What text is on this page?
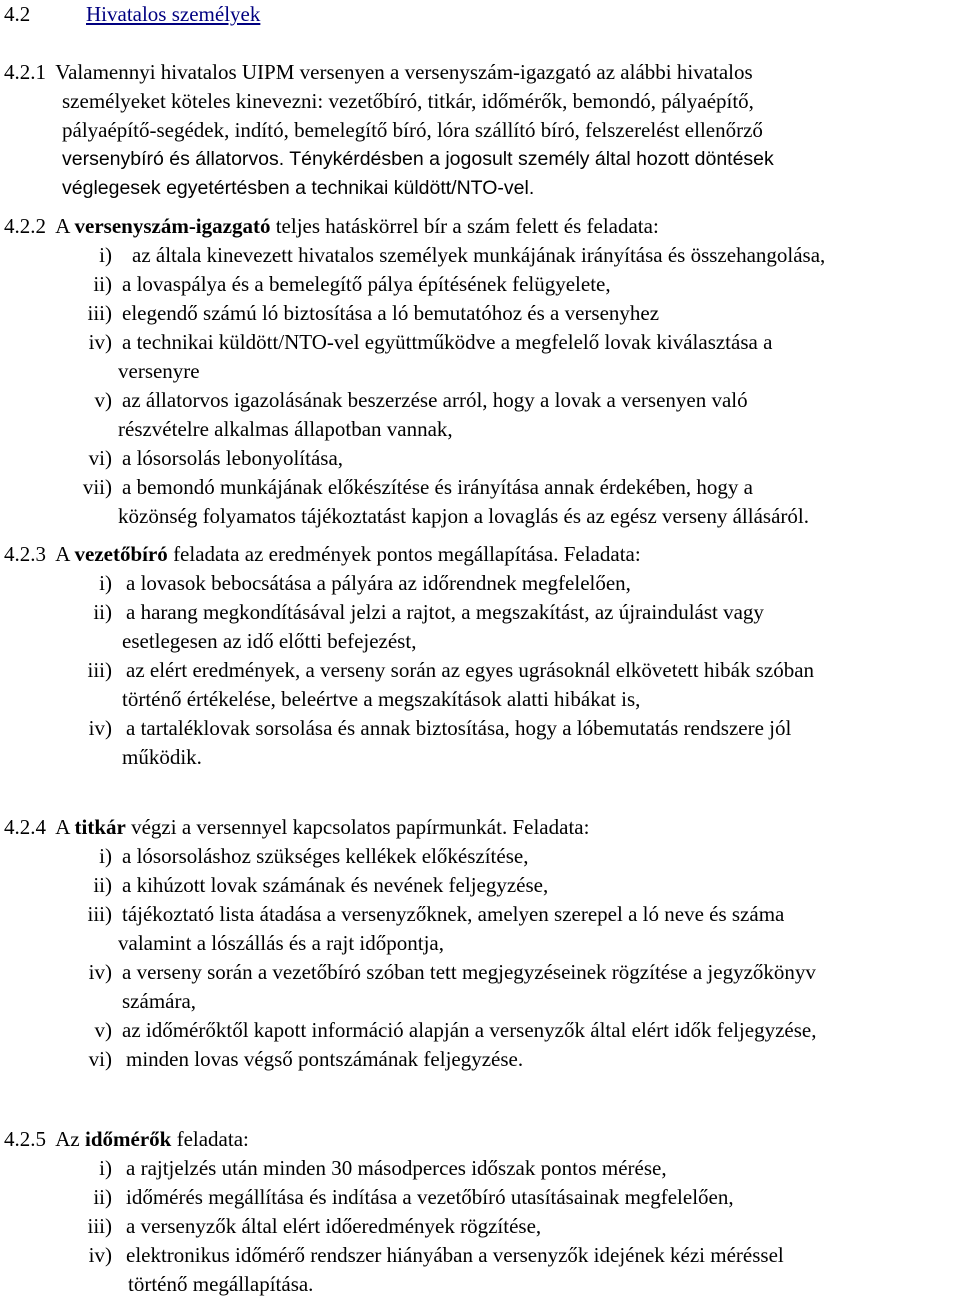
4.2	Hivatalos személyek
4.2.1 Valamennyi hivatalos UIPM versenyen a versenyszám-igazgató az alábbi hivatalos
személyeket köteles kinevezni: vezetőbíró, titkár, időmérők, bemondó, pályaépítő,
pályaépítő-segédek, indító, bemelegítő bíró, lóra szállító bíró, felszerelést ellenőrző
versenybíró és állatorvos. Ténykérdésben a jogosult személy által hozott döntések
véglegesek egyetértésben a technikai küldött/NTO-vel.
4.2.2 A versenyszám-igazgató teljes hatáskörrel bír a szám felett és feladata:
i) az általa kinevezett hivatalos személyek munkájának irányítása és összehangolása,
ii) a lovaspálya és a bemelegítő pálya építésének felügyelete,
iii) elegendő számú ló biztosítása a ló bemutatóhoz és a versenyhez
iv) a technikai küldött/NTO-vel együttműködve a megfelelő lovak kiválasztása a
versenyre
v) az állatorvos igazolásának beszerzése arról, hogy a lovak a versenyen való
részvételre alkalmas állapotban vannak,
vi) a lósorsolás lebonyolítása,
vii) a bemondó munkájának előkészítése és irányítása annak érdekében, hogy a
közönség folyamatos tájékoztatást kapjon a lovaglás és az egész verseny állásáról.
4.2.3 A vezetőbíró feladata az eredmények pontos megállapítása. Feladata:
i) a lovasok bebocsátása a pályára az időrendnek megfelelően,
ii) a harang megkondításával jelzi a rajtot, a megszakítást, az újraindulást vagy
esetlegesen az idő előtti befejezést,
iii) az elért eredmények, a verseny során az egyes ugrásoknál elkövetett hibák szóban
történő értékelése, beleértve a megszakítások alatti hibákat is,
iv) a tartaléklovak sorsolása és annak biztosítása, hogy a lóbemutatás rendszere jól
működik.
4.2.4 A titkár végzi a versennyel kapcsolatos papírmunkát. Feladata:
i) a lósorsoláshoz szükséges kellékek előkészítése,
ii) a kihúzott lovak számának és nevének feljegyzése,
iii) tájékoztató lista átadása a versenyzőknek, amelyen szerepel a ló neve és száma
valamint a lószállás és a rajt időpontja,
iv) a verseny során a vezetőbíró szóban tett megjegyzéseinek rögzítése a jegyzőkönyv
számára,
v) az időmérőktől kapott információ alapján a versenyzők által elért idők feljegyzése,
vi) minden lovas végső pontszámának feljegyzése.
4.2.5 Az időmérők feladata:
i) a rajtjelzés után minden 30 másodperces időszak pontos mérése,
ii) időmérés megállítása és indítása a vezetőbíró utasításainak megfelelően,
iii) a versenyzők által elért időeredmények rögzítése,
iv) elektronikus időmérő rendszer hiányában a versenyzők idejének kézi méréssel
történő megállapítása.
